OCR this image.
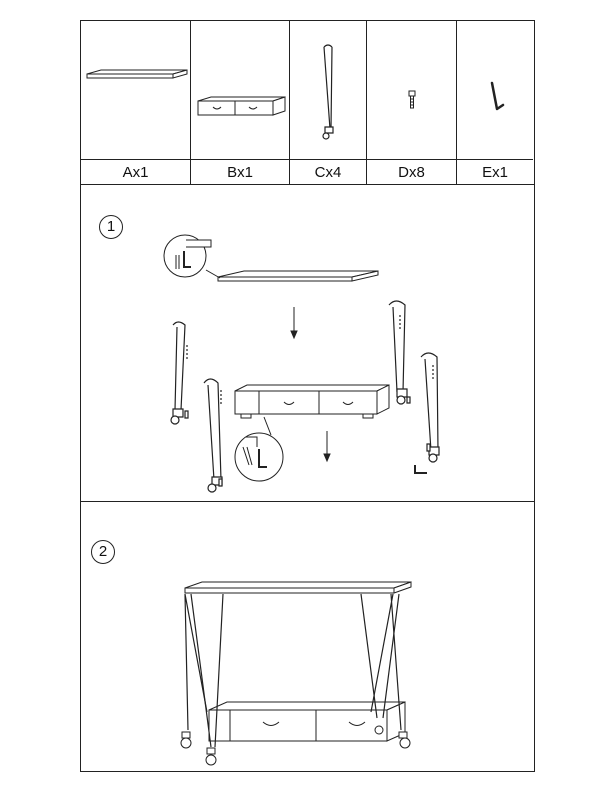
Ax1	Bx1	Cx4	Dx8	Ex1
1
2
